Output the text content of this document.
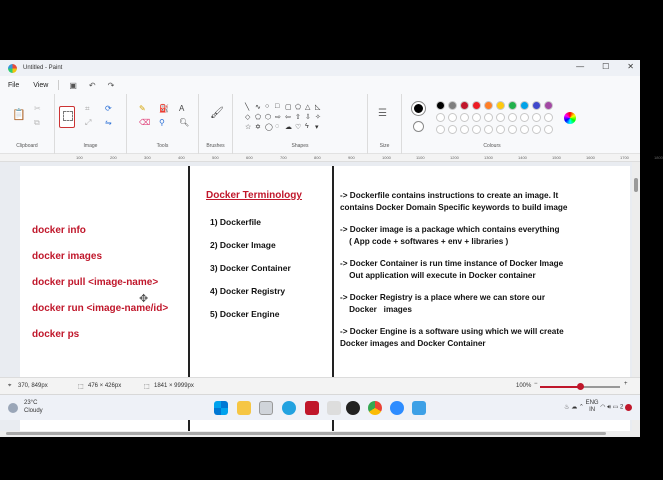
Untitled - Paint	— ☐ ✕
File View	▣ ↶ ↷
📋
✂
⧉
Clipboard
⌗
⤢
⟳
⇋
Image
✎ ⛽ A
⌫ ⚲ 🔍︎
Tools
🖌︎
Brushes
╲ ∿ ○ □ ▢ ⬠ △ ◺
◇ ⬠ ⬡ ⇨ ⇦ ⇧ ⇩ ✧
☆ ✡ ◯ ◌ ☁ ♡ ϟ ▾
Shapes
☰
Size	Colours
100	200	300	400	500	600	700	800	900	1000	1100	1200	1300	1400	1500	1600	1700	1800
docker info
docker images
docker pull <image-name>
docker run <image-name/id>
docker ps
Docker Terminology
1) Dockerfile
2) Docker Image
3) Docker Container
4) Docker Registry
5) Docker Engine
-> Dockerfile contains instructions to create an image. It
contains Docker Domain Specific keywords to build image
-> Docker image is a package which contains everything
( App code + softwares + env + libraries )
-> Docker Container is run time instance of Docker Image
Out application will execute in Docker container
-> Docker Registry is a place where we can store our
Docker   images
-> Docker Engine is a software using which we will create
Docker images and Docker Container
✥
⌖ 370, 849px	⬚ 476 × 426px	⬚ 1841 × 9999px	100% −	+
23°C
Cloudy
♨ ☁ ⌃ ENG
IN ◠ 🔊︎ ▭ 2
